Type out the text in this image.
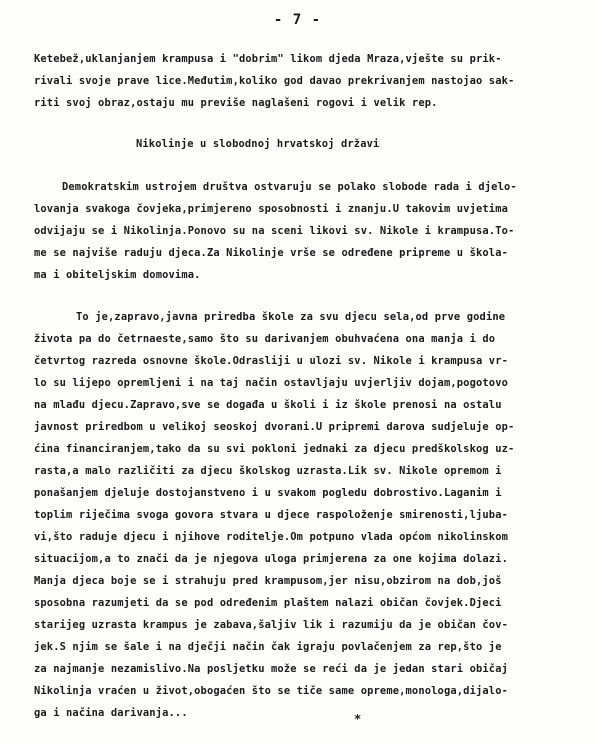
- 7 -
Ketebež,uklanjanjem krampusa i "dobrim" likom djeda Mraza,vješte su prik-
rivali svoje prave lice.Međutim,koliko god davao prekrivanjem nastojao sak-
riti svoj obraz,ostaju mu previše naglašeni rogovi i velik rep.
Nikolinje u slobodnoj hrvatskoj državi
Demokratskim ustrojem društva ostvaruju se polako slobode rada i djelo-
lovanja svakoga čovjeka,primjereno sposobnosti i znanju.U takovim uvjetima
odvijaju se i Nikolinja.Ponovo su na sceni likovi sv. Nikole i krampusa.To-
me se najviše raduju djeca.Za Nikolinje vrše se određene pripreme u škola-
ma i obiteljskim domovima.
To je,zapravo,javna priredba škole za svu djecu sela,od prve godine
života pa do četrnaeste,samo što su darivanjem obuhvaćena ona manja i do
četvrtog razreda osnovne škole.Odrasliji u ulozi sv. Nikole i krampusa vr-
lo su lijepo opremljeni i na taj način ostavljaju uvjerljiv dojam,pogotovo
na mlađu djecu.Zapravo,sve se događa u školi i iz škole prenosi na ostalu
javnost priredbom u velikoj seoskoj dvorani.U pripremi darova sudjeluje op-
ćina financiranjem,tako da su svi pokloni jednaki za djecu predškolskog uz-
rasta,a malo različiti za djecu školskog uzrasta.Lik sv. Nikole opremom i
ponašanjem djeluje dostojanstveno i u svakom pogledu dobrostivo.Laganim i
toplim riječima svoga govora stvara u djece raspoloženje smirenosti,ljuba-
vi,što raduje djecu i njihove roditelje.Om potpuno vlada općom nikolinskom
situacijom,a to znači da je njegova uloga primjerena za one kojima dolazi.
Manja djeca boje se i strahuju pred krampusom,jer nisu,obzirom na dob,još
sposobna razumjeti da se pod određenim plaštem nalazi običan čovjek.Djeci
starijeg uzrasta krampus je zabava,šaljiv lik i razumiju da je običan čov-
jek.S njim se šale i na dječji način čak igraju povlačenjem za rep,što je
za najmanje nezamislivo.Na posljetku može se reći da je jedan stari običaj
Nikolinja vraćen u život,obogaćen što se tiče same opreme,monologa,dijalo-
ga i načina darivanja...	*
